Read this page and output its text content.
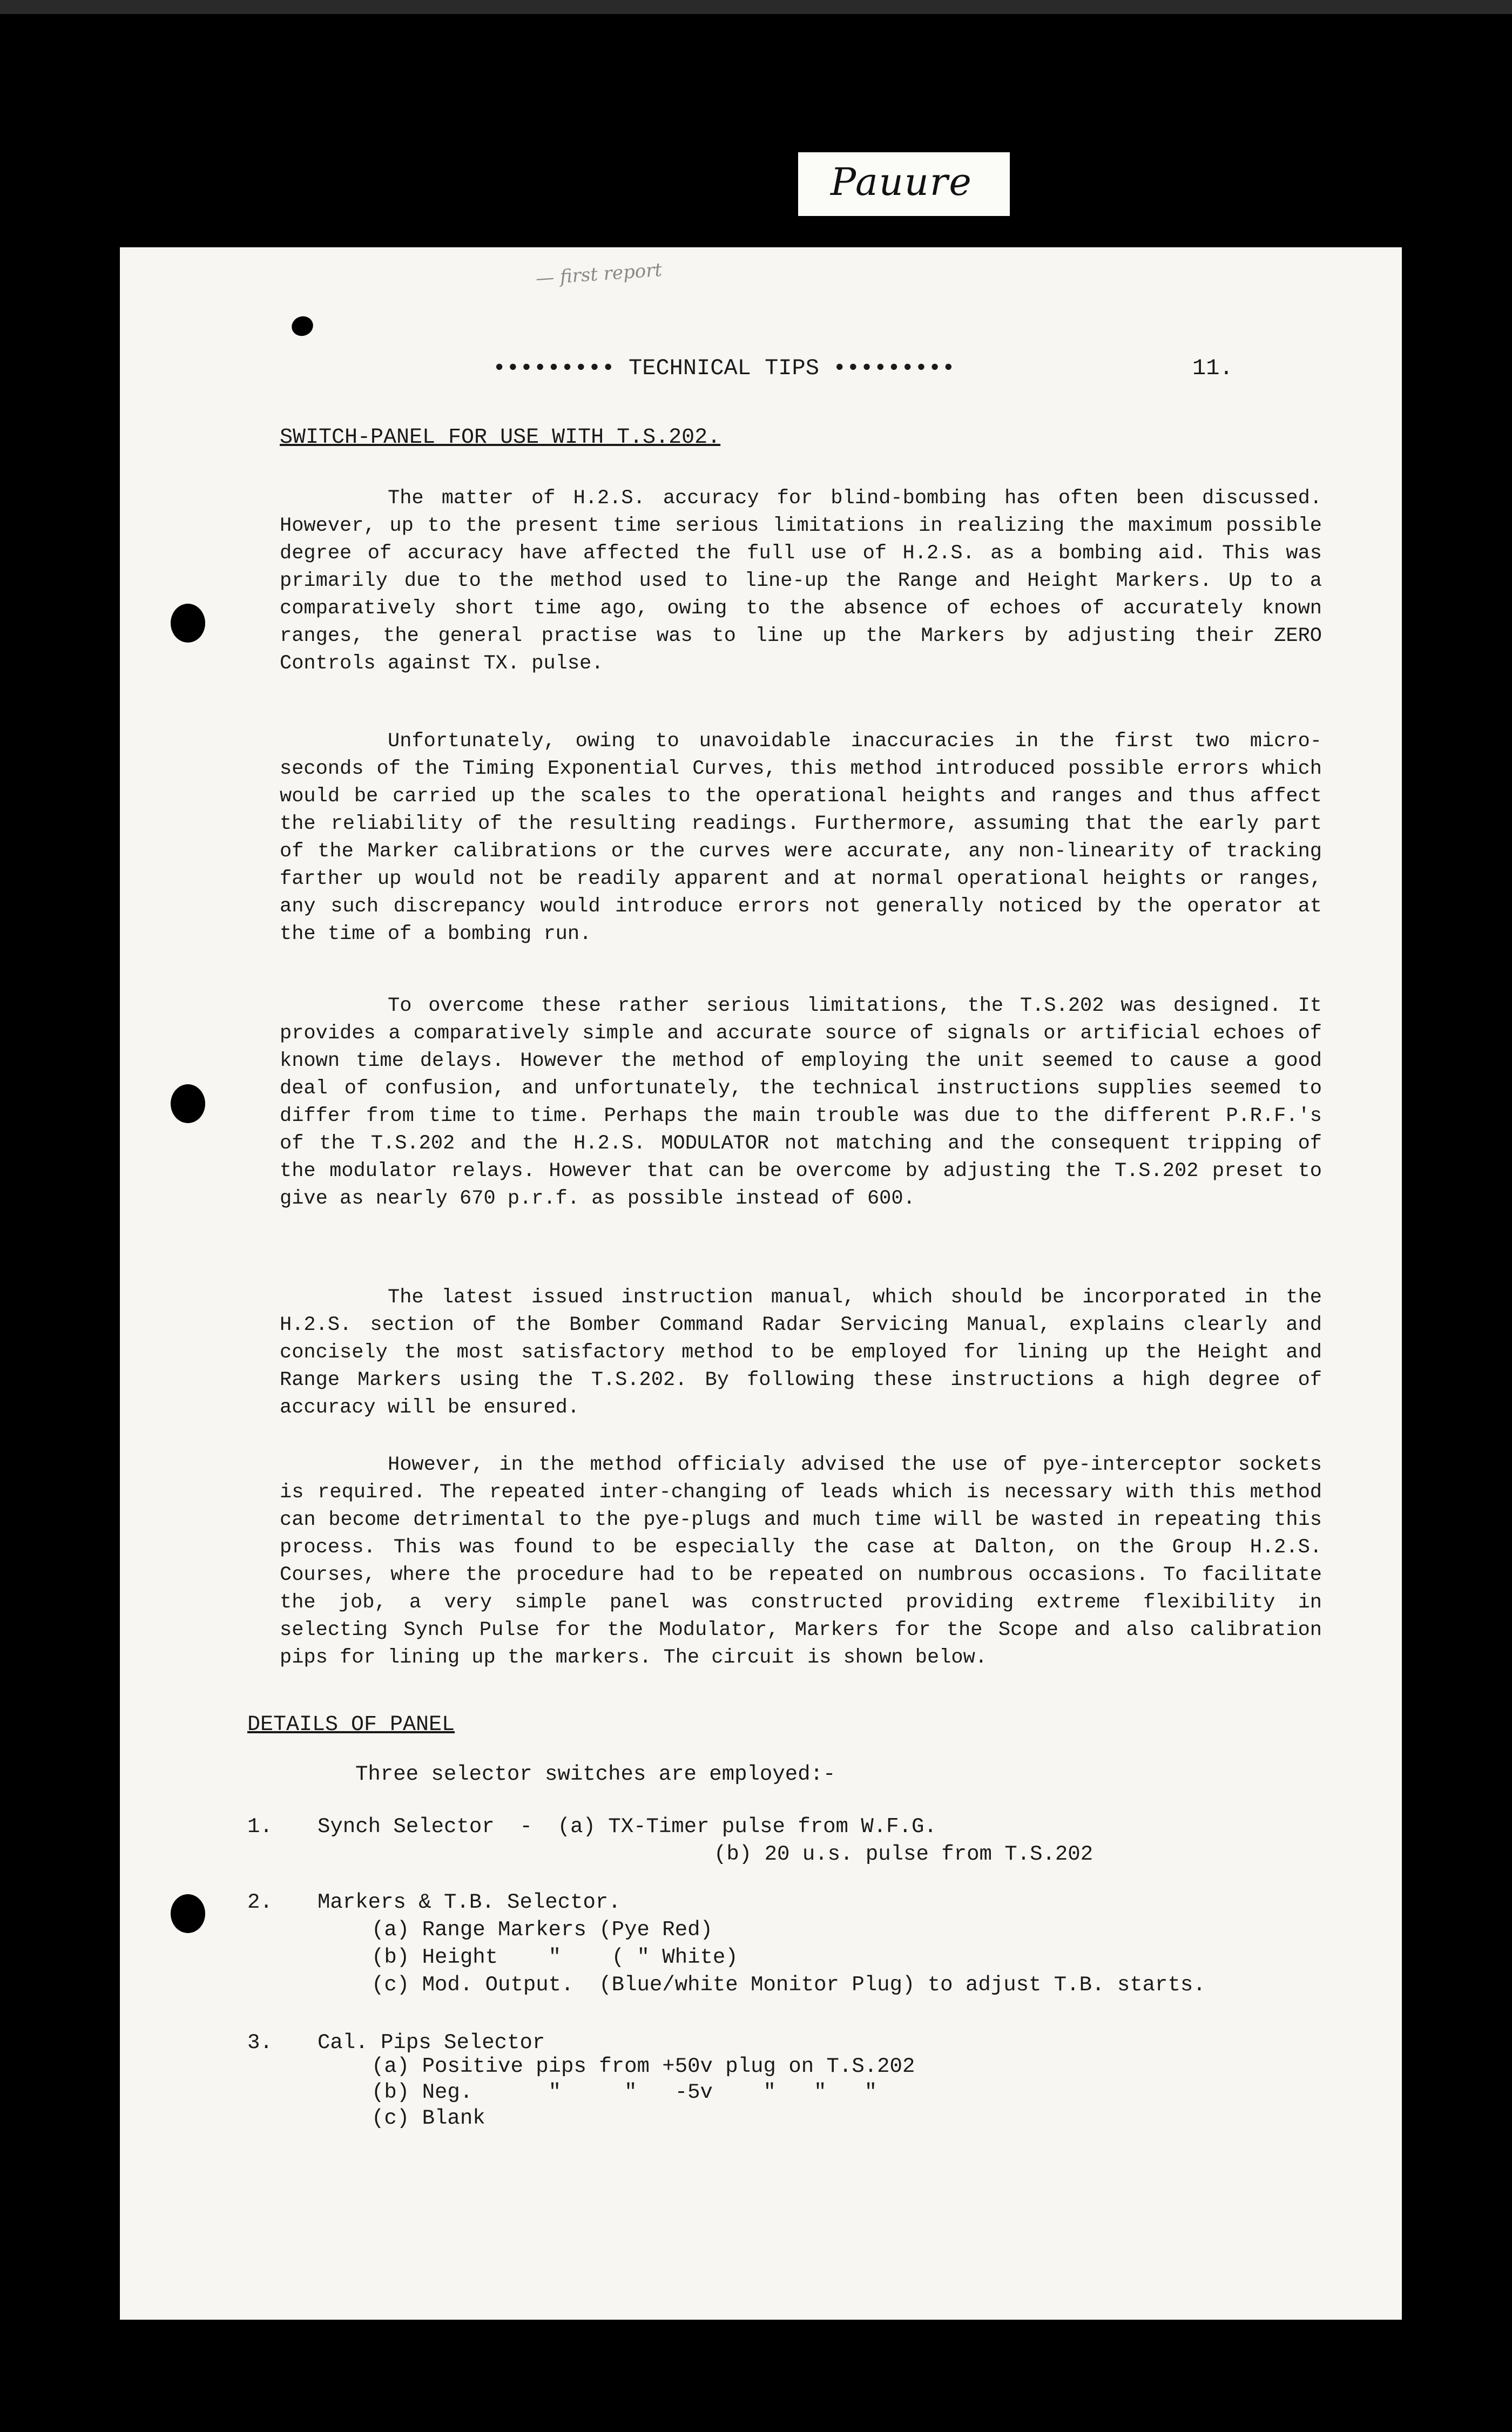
Pauure
— first report
••••••••• TECHNICAL TIPS •••••••••	11.
SWITCH-PANEL FOR USE WITH T.S.202.

The matter of H.2.S. accuracy for blind-bombing has often been discussed. However, up to the present time serious limitations in realizing the maximum possible degree of accuracy have affected the full use of H.2.S. as a bombing aid. This was primarily due to the method used to line-up the Range and Height Markers. Up to a comparatively short time ago, owing to the absence of echoes of accurately known ranges, the general practise was to line up the Markers by adjusting their ZERO Controls against TX. pulse.

Unfortunately, owing to unavoidable inaccuracies in the first two micro-seconds of the Timing Exponential Curves, this method introduced possible errors which would be carried up the scales to the operational heights and ranges and thus affect the reliability of the resulting readings. Furthermore, assuming that the early part of the Marker calibrations or the curves were accurate, any non-linearity of tracking farther up would not be readily apparent and at normal operational heights or ranges, any such discrepancy would introduce errors not generally noticed by the operator at the time of a bombing run.

To overcome these rather serious limitations, the T.S.202 was designed. It provides a comparatively simple and accurate source of signals or artificial echoes of known time delays. However the method of employing the unit seemed to cause a good deal of confusion, and unfortunately, the technical instructions supplies seemed to differ from time to time. Perhaps the main trouble was due to the different P.R.F.'s of the T.S.202 and the H.2.S. MODULATOR not matching and the consequent tripping of the modulator relays. However that can be overcome by adjusting the T.S.202 preset to give as nearly 670 p.r.f. as possible instead of 600.

The latest issued instruction manual, which should be incorporated in the H.2.S. section of the Bomber Command Radar Servicing Manual, explains clearly and concisely the most satisfactory method to be employed for lining up the Height and Range Markers using the T.S.202. By following these instructions a high degree of accuracy will be ensured.

However, in the method officialy advised the use of pye-interceptor sockets is required. The repeated inter-changing of leads which is necessary with this method can become detrimental to the pye-plugs and much time will be wasted in repeating this process. This was found to be especially the case at Dalton, on the Group H.2.S. Courses, where the procedure had to be repeated on numbrous occasions. To facilitate the job, a very simple panel was constructed providing extreme flexibility in selecting Synch Pulse for the Modulator, Markers for the Scope and also calibration pips for lining up the markers. The circuit is shown below.

DETAILS OF PANEL
Three selector switches are employed:-
1. Synch Selector  -  (a) TX-Timer pulse from W.F.G.
(b) 20 u.s. pulse from T.S.202
2. Markers & T.B. Selector.
(a) Range Markers (Pye Red)
(b) Height    "    ( " White)
(c) Mod. Output.  (Blue/white Monitor Plug) to adjust T.B. starts.
3. Cal. Pips Selector
(a) Positive pips from +50v plug on T.S.202
(b) Neg.      "     "   -5v    "   "   "
(c) Blank
